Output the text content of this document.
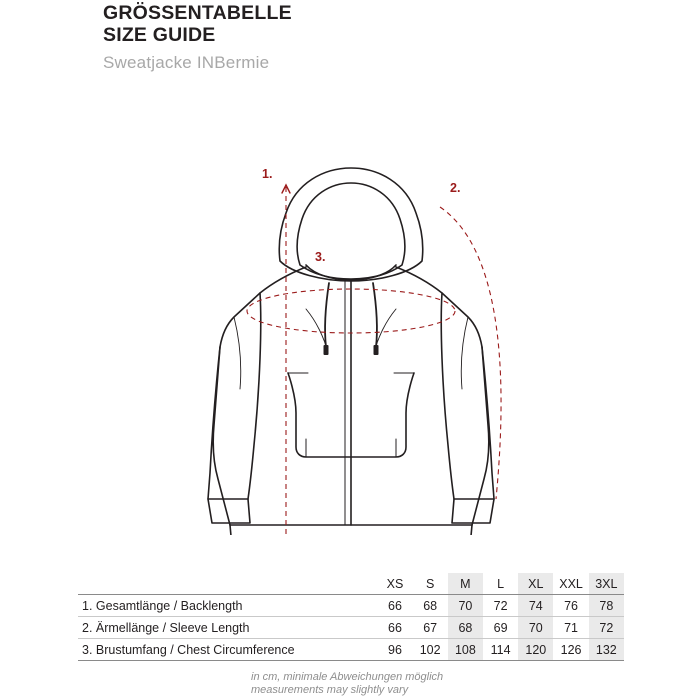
GRÖSSENTABELLE
SIZE GUIDE
Sweatjacke INBermie
1.
2.
3.
	XS	S	M	L	XL	XXL	3XL
1. Gesamtlänge / Backlength	66	68	70	72	74	76	78
2. Ärmellänge / Sleeve Length	66	67	68	69	70	71	72
3. Brustumfang / Chest Circumference	96	102	108	114	120	126	132
in cm, minimale Abweichungen möglich
measurements may slightly vary
